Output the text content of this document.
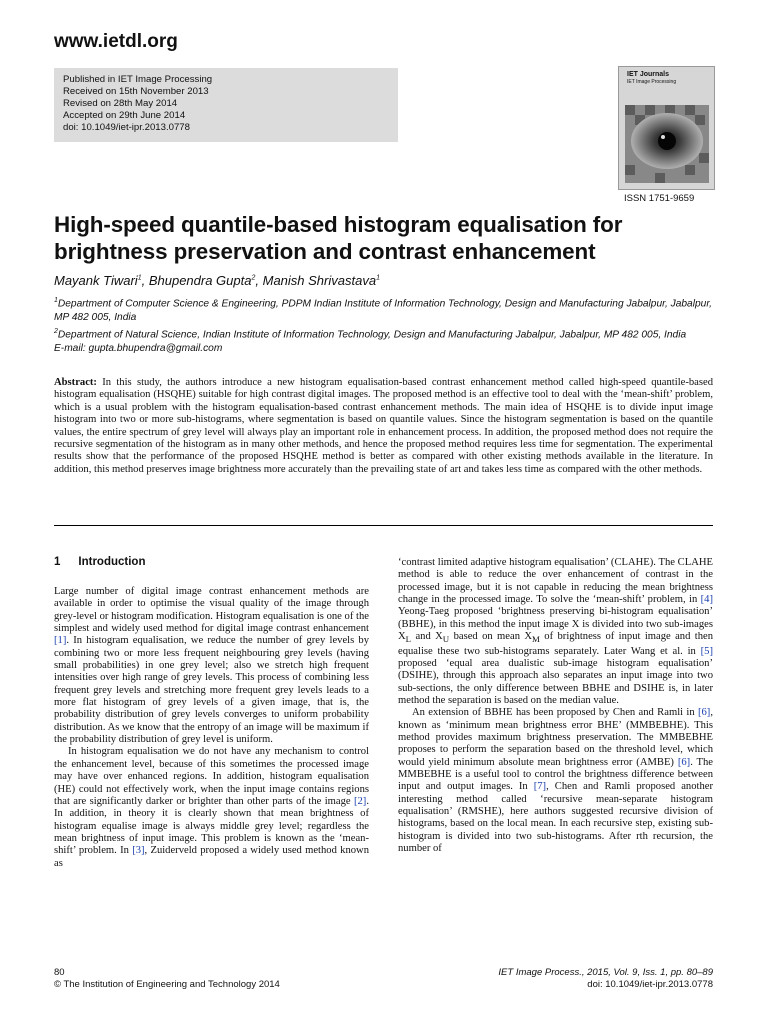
www.ietdl.org
Published in IET Image Processing
Received on 15th November 2013
Revised on 28th May 2014
Accepted on 29th June 2014
doi: 10.1049/iet-ipr.2013.0778
IET Journals
IET Image Processing
ISSN 1751-9659
High-speed quantile-based histogram equalisation for brightness preservation and contrast enhancement
Mayank Tiwari$^1$, Bhupendra Gupta$^2$, Manish Shrivastava$^1$
$^1$Department of Computer Science & Engineering, PDPM Indian Institute of Information Technology, Design and Manufacturing Jabalpur, Jabalpur, MP 482 005, India
$^2$Department of Natural Science, Indian Institute of Information Technology, Design and Manufacturing Jabalpur, Jabalpur, MP 482 005, India
E-mail: gupta.bhupendra@gmail.com
Abstract: In this study, the authors introduce a new histogram equalisation-based contrast enhancement method called high-speed quantile-based histogram equalisation (HSQHE) suitable for high contrast digital images. The proposed method is an effective tool to deal with the ‘mean-shift’ problem, which is a usual problem with the histogram equalisation-based contrast enhancement methods. The main idea of HSQHE is to divide input image histogram into two or more sub-histograms, where segmentation is based on quantile values. Since the histogram segmentation is based on the quantile values, the entire spectrum of grey level will always play an important role in enhancement process. In addition, the proposed method does not require the recursive segmentation of the histogram as in many other methods, and hence the proposed method requires less time for segmentation. The experimental results show that the performance of the proposed HSQHE method is better as compared with other existing methods available in the literature. In addition, this method preserves image brightness more accurately than the prevailing state of art and takes less time as compared with the other methods.
1 Introduction

Large number of digital image contrast enhancement methods are available in order to optimise the visual quality of the image through grey-level or histogram modification. Histogram equalisation is one of the simplest and widely used method for digital image contrast enhancement [1]. In histogram equalisation, we reduce the number of grey levels by combining two or more less frequent neighbouring grey levels (having small probabilities) in one grey level; also we stretch high frequent intensities over high range of grey levels. This process of combining less frequent grey levels and stretching more frequent grey levels leads to a more flat histogram of grey levels of a given image, that is, the probability distribution of grey levels converges to uniform probability distribution. As we know that the entropy of an image will be maximum if the probability distribution of grey level is uniform.

In histogram equalisation we do not have any mechanism to control the enhancement level, because of this sometimes the processed image may have over enhanced regions. In addition, histogram equalisation (HE) could not effectively work, when the input image contains regions that are significantly darker or brighter than other parts of the image [2]. In addition, in theory it is clearly shown that mean brightness of histogram equalise image is always middle grey level; regardless the mean brightness of input image. This problem is known as the ‘mean-shift’ problem. In [3], Zuiderveld proposed a widely used method known as

‘contrast limited adaptive histogram equalisation’ (CLAHE). The CLAHE method is able to reduce the over enhancement of contrast in the processed image, but it is not capable in reducing the mean brightness change in the processed image. To solve the ‘mean-shift’ problem, in [4] Yeong-Taeg proposed ‘brightness preserving bi-histogram equalisation’ (BBHE), in this method the input image X is divided into two sub-images $X_L$ and $X_U$ based on mean $X_M$ of brightness of input image and then equalise these two sub-histograms separately. Later Wang et al. in [5] proposed ‘equal area dualistic sub-image histogram equalisation’ (DSIHE), through this approach also separates an input image into two sub-sections, the only difference between BBHE and DSIHE is, in later method the separation is based on the median value.

An extension of BBHE has been proposed by Chen and Ramli in [6], known as ‘minimum mean brightness error BHE’ (MMBEBHE). This method provides maximum brightness preservation. The MMBEBHE proposes to perform the separation based on the threshold level, which would yield minimum absolute mean brightness error (AMBE) [6]. The MMBEBHE is a useful tool to control the brightness difference between input and output images. In [7], Chen and Ramli proposed another interesting method called ‘recursive mean-separate histogram equalisation’ (RMSHE), here authors suggested recursive division of histograms, based on the local mean. In each recursive step, existing sub-histogram is divided into two sub-histograms. After rth recursion, the number of

80
© The Institution of Engineering and Technology 2014
IET Image Process., 2015, Vol. 9, Iss. 1, pp. 80–89
doi: 10.1049/iet-ipr.2013.0778
